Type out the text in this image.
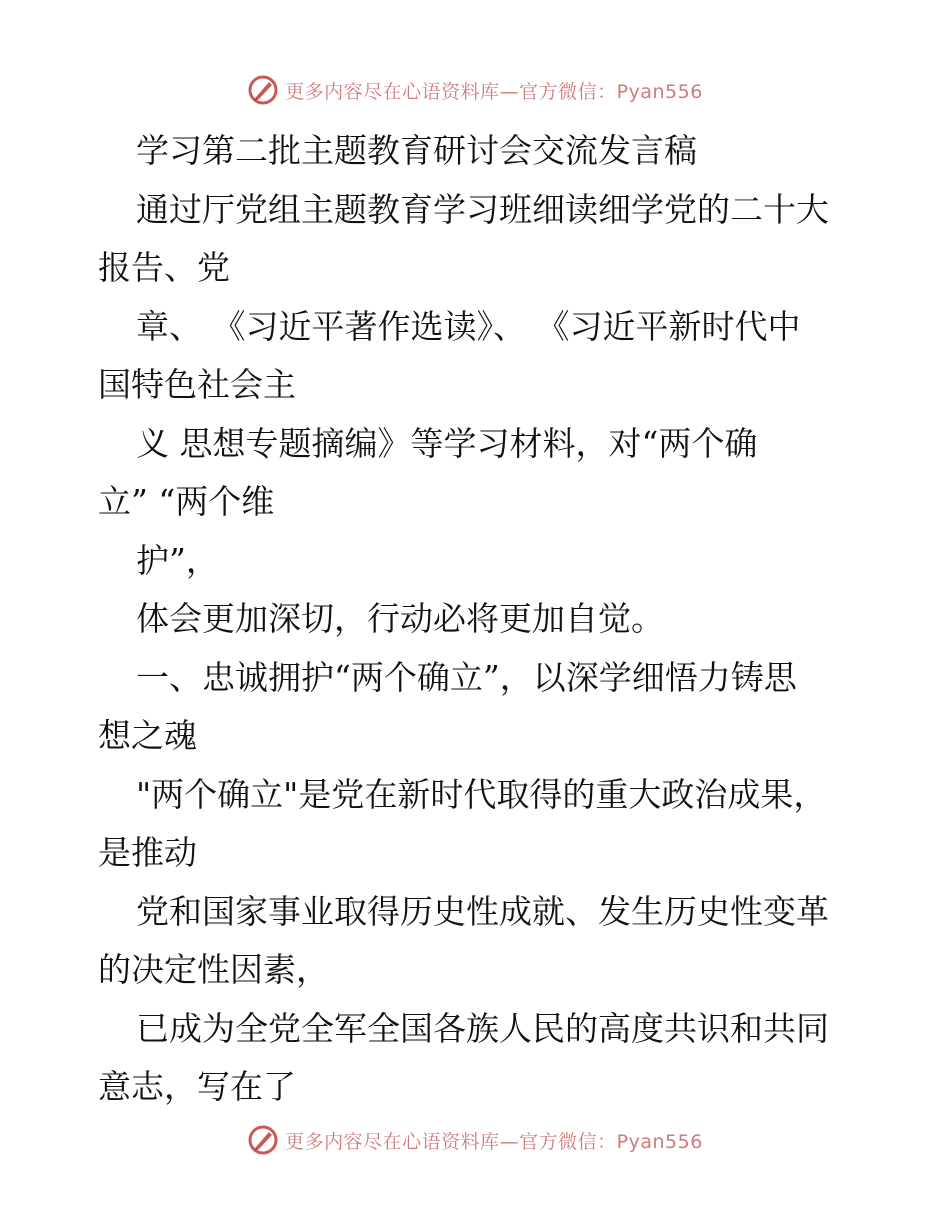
更多内容尽在心语资料库—官方微信：Pyan556
学习第二批主题教育研讨会交流发言稿
通过厅党组主题教育学习班细读细学党的二十大
报告、党
章、 《习近平著作选读》、 《习近平新时代中
国特色社会主
义 思想专题摘编》等学习材料，对“两个确
立” “两个维
护”，
体会更加深切，行动必将更加自觉。
一、忠诚拥护“两个确立”，以深学细悟力铸思
想之魂
"两个确立"是党在新时代取得的重大政治成果，
是推动
党和国家事业取得历史性成就、发生历史性变革
的决定性因素，
已成为全党全军全国各族人民的高度共识和共同
意志，写在了
更多内容尽在心语资料库—官方微信：Pyan556
